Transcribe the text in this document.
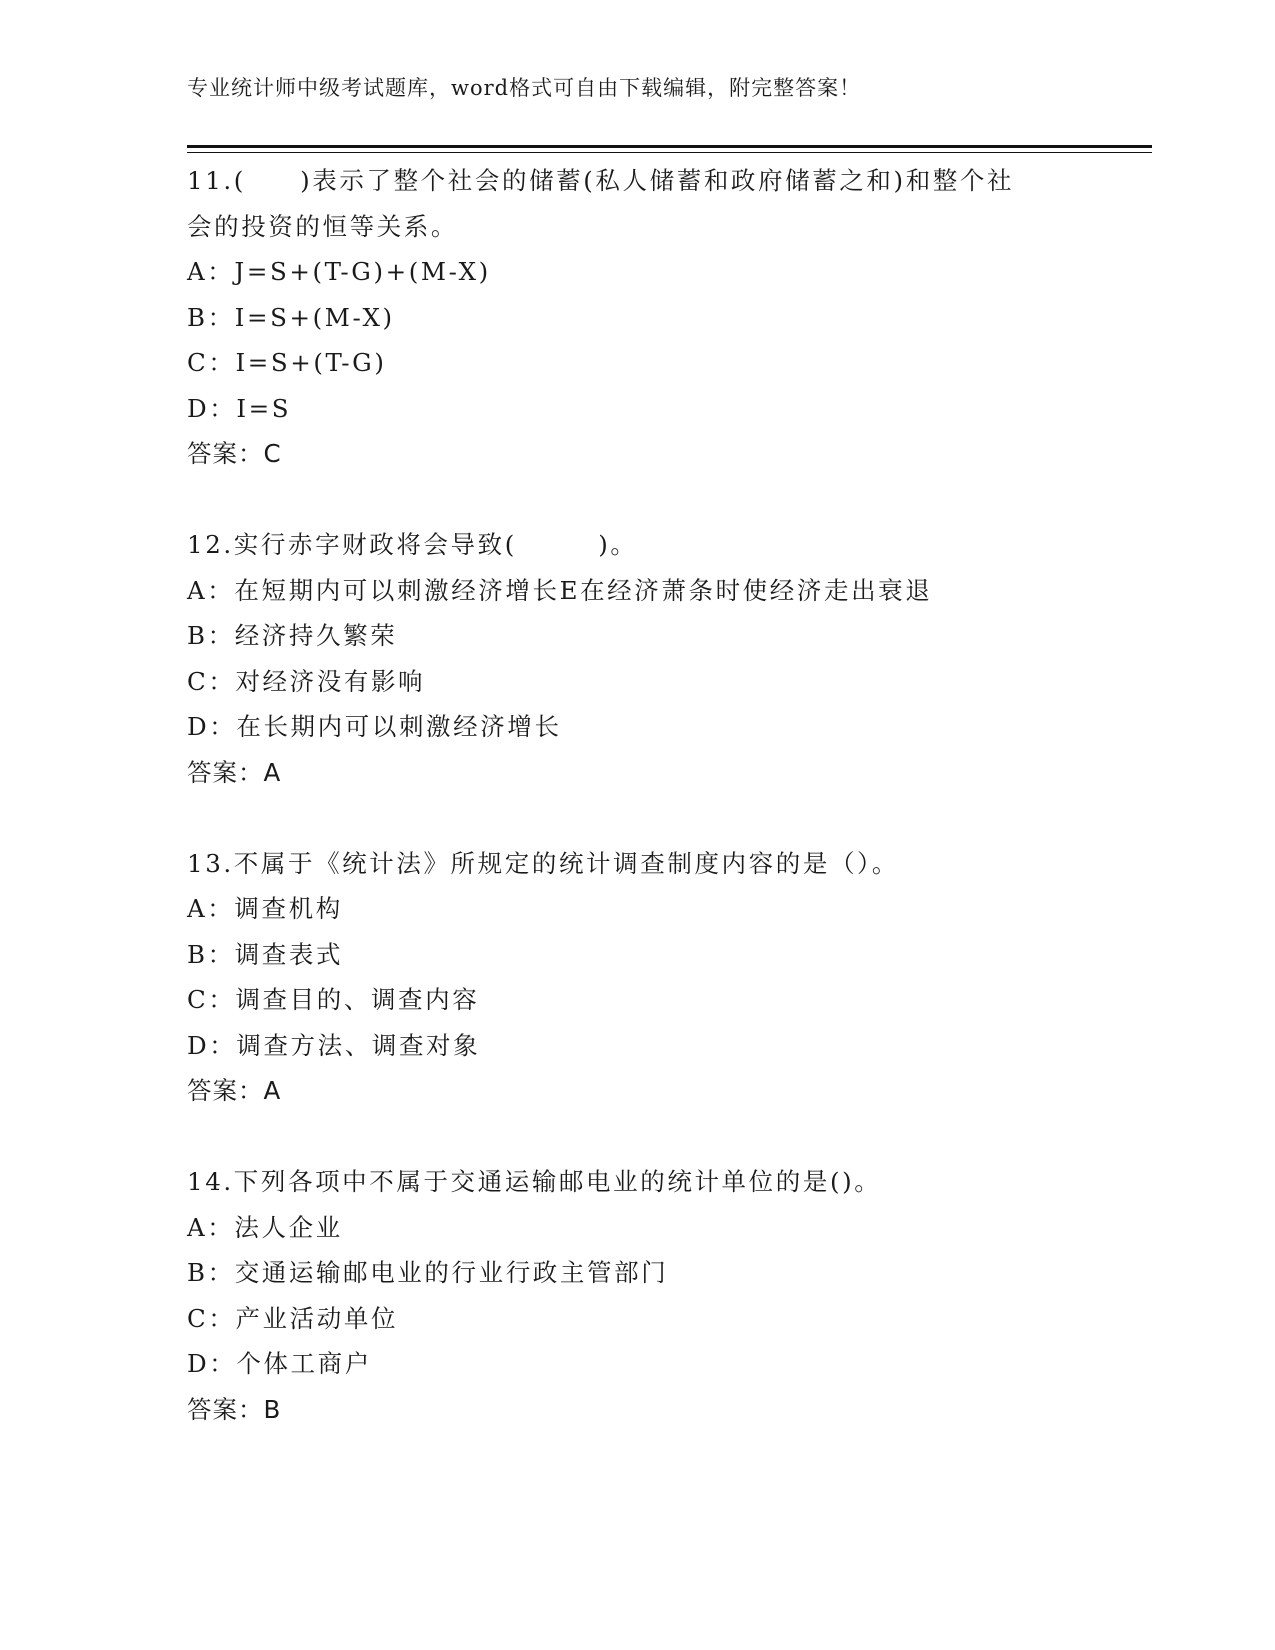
专业统计师中级考试题库，word格式可自由下载编辑，附完整答案！
11.(　　)表示了整个社会的储蓄(私人储蓄和政府储蓄之和)和整个社
会的投资的恒等关系。
A：J=S+(T-G)+(M-X)
B：I=S+(M-X)
C：I=S+(T-G)
D：I=S
答案：C
12.实行赤字财政将会导致(　　　)。
A：在短期内可以刺激经济增长E在经济萧条时使经济走出衰退
B：经济持久繁荣
C：对经济没有影响
D：在长期内可以刺激经济增长
答案：A
13.不属于《统计法》所规定的统计调查制度内容的是（）。
A：调查机构
B：调查表式
C：调查目的、调查内容
D：调查方法、调查对象
答案：A
14.下列各项中不属于交通运输邮电业的统计单位的是()。
A：法人企业
B：交通运输邮电业的行业行政主管部门
C：产业活动单位
D：个体工商户
答案：B
